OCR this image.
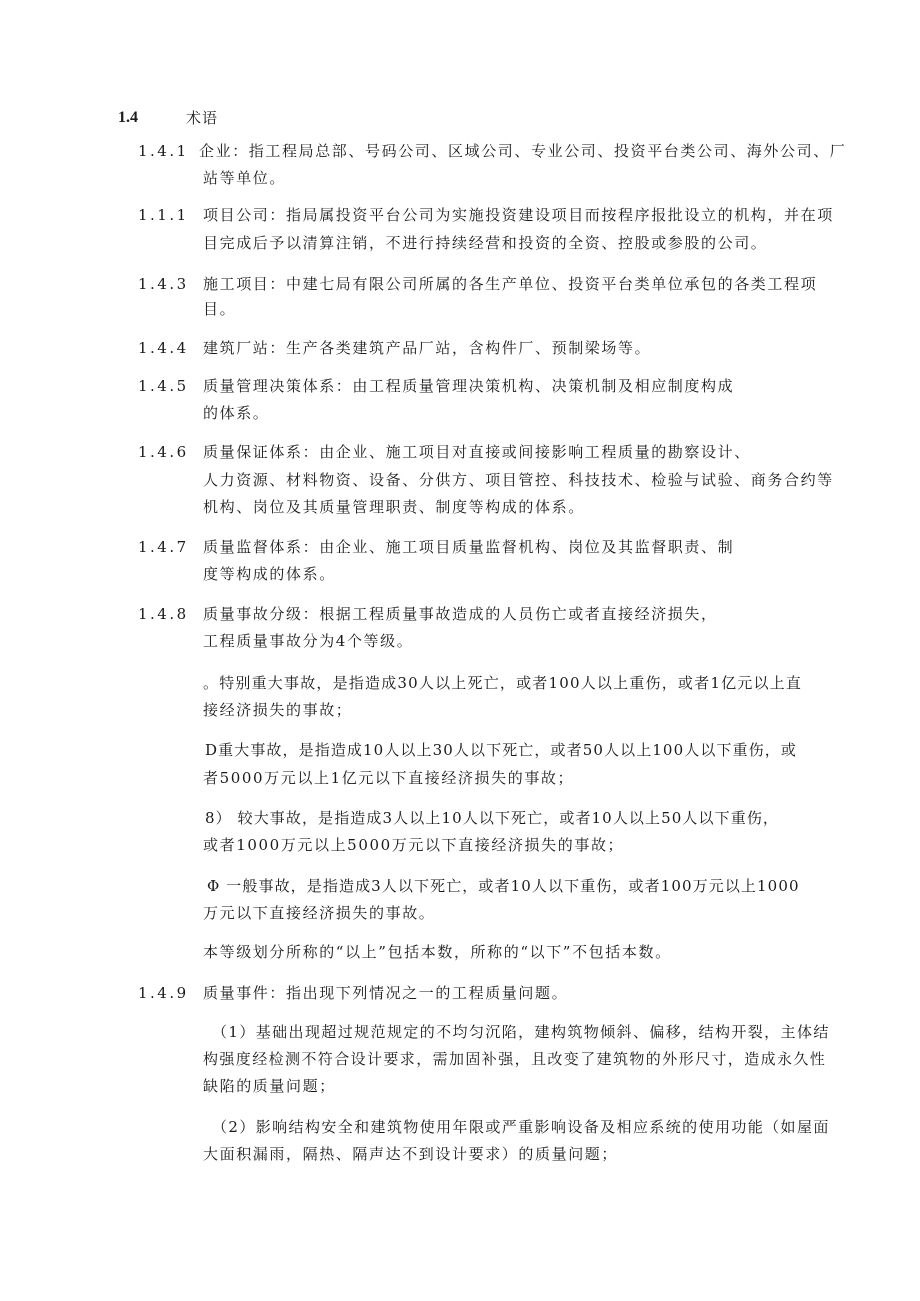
1.4	术语
1.4.1 企业：指工程局总部、号码公司、区域公司、专业公司、投资平台类公司、海外公司、厂
站等单位。
1.1.1 项目公司：指局属投资平台公司为实施投资建设项目而按程序报批设立的机构，并在项
目完成后予以清算注销，不进行持续经营和投资的全资、控股或参股的公司。
1.4.3 施工项目：中建七局有限公司所属的各生产单位、投资平台类单位承包的各类工程项
目。
1.4.4 建筑厂站：生产各类建筑产品厂站，含构件厂、预制梁场等。
1.4.5 质量管理决策体系：由工程质量管理决策机构、决策机制及相应制度构成
的体系。
1.4.6 质量保证体系：由企业、施工项目对直接或间接影响工程质量的勘察设计、
人力资源、材料物资、设备、分供方、项目管控、科技技术、检验与试验、商务合约等
机构、岗位及其质量管理职责、制度等构成的体系。
1.4.7 质量监督体系：由企业、施工项目质量监督机构、岗位及其监督职责、制
度等构成的体系。
1.4.8 质量事故分级：根据工程质量事故造成的人员伤亡或者直接经济损失，
工程质量事故分为4个等级。
。特别重大事故，是指造成30人以上死亡，或者100人以上重伤，或者1亿元以上直
接经济损失的事故；
D重大事故，是指造成10人以上30人以下死亡，或者50人以上100人以下重伤，或
者5000万元以上1亿元以下直接经济损失的事故；
8） 较大事故，是指造成3人以上10人以下死亡，或者10人以上50人以下重伤，
或者1000万元以上5000万元以下直接经济损失的事故；
Φ 一般事故，是指造成3人以下死亡，或者10人以下重伤，或者100万元以上1000
万元以下直接经济损失的事故。
本等级划分所称的“以上”包括本数，所称的“以下”不包括本数。
1.4.9 质量事件：指出现下列情况之一的工程质量问题。
（1）基础出现超过规范规定的不均匀沉陷，建构筑物倾斜、偏移，结构开裂，主体结
构强度经检测不符合设计要求，需加固补强，且改变了建筑物的外形尺寸，造成永久性
缺陷的质量问题；
（2）影响结构安全和建筑物使用年限或严重影响设备及相应系统的使用功能（如屋面
大面积漏雨，隔热、隔声达不到设计要求）的质量问题；
